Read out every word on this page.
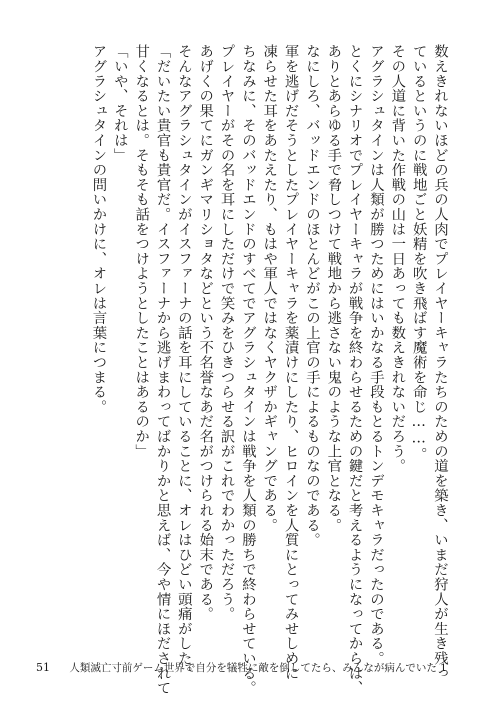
数えきれないほどの兵の人肉でプレイヤーキャラたちのための道を築き、いまだ狩人が生き残っ

ているというのに戦地ごと妖精を吹き飛ばす魔術を命じ……。

その人道に背いた作戦の山は一日あっても数えきれないだろう。

アグラシュタインは人類が勝つためにはいかなる手段もとるトンデモキャラだったのである。

とくにシナリオでプレイヤーキャラが戦争を終わらせるための鍵だと考えるようになってからは、

ありとあらゆる手で脅しつけて戦地から逃さない鬼のような上官となる。

なにしろ、バッドエンドのほとんどがこの上官の手によるものなのである。

軍を逃げだそうとしたプレイヤーキャラを薬漬けにしたり、ヒロインを人質にとってみせしめに

凍らせた耳をあたえたり、もはや軍人ではなくヤクザかギャングである。

ちなみに、そのバッドエンドのすべてでアグラシュタインは戦争を人類の勝ちで終わらせている。

プレイヤーがその名を耳にしただけで笑みをひきつらせる訳がこれでわかっただろう。

あげくの果てにガンギマリショタなどという不名誉なあだ名がつけられる始末である。

そんなアグラシュタインがイスファーナの話を耳にしていることに、オレはひどい頭痛がした。

「だいたい貴官も貴官だ。イスファーナから逃げまわってばかりかと思えば、今や情にほだされて

甘くなるとは。そもそも話をつけようとしたことはあるのか」

「いや、それは」

アグラシュタインの問いかけに、オレは言葉につまる。

51 人類滅亡寸前ゲーム世界で自分を犠牲に敵を倒してたら、みんなが病んでいた 1
